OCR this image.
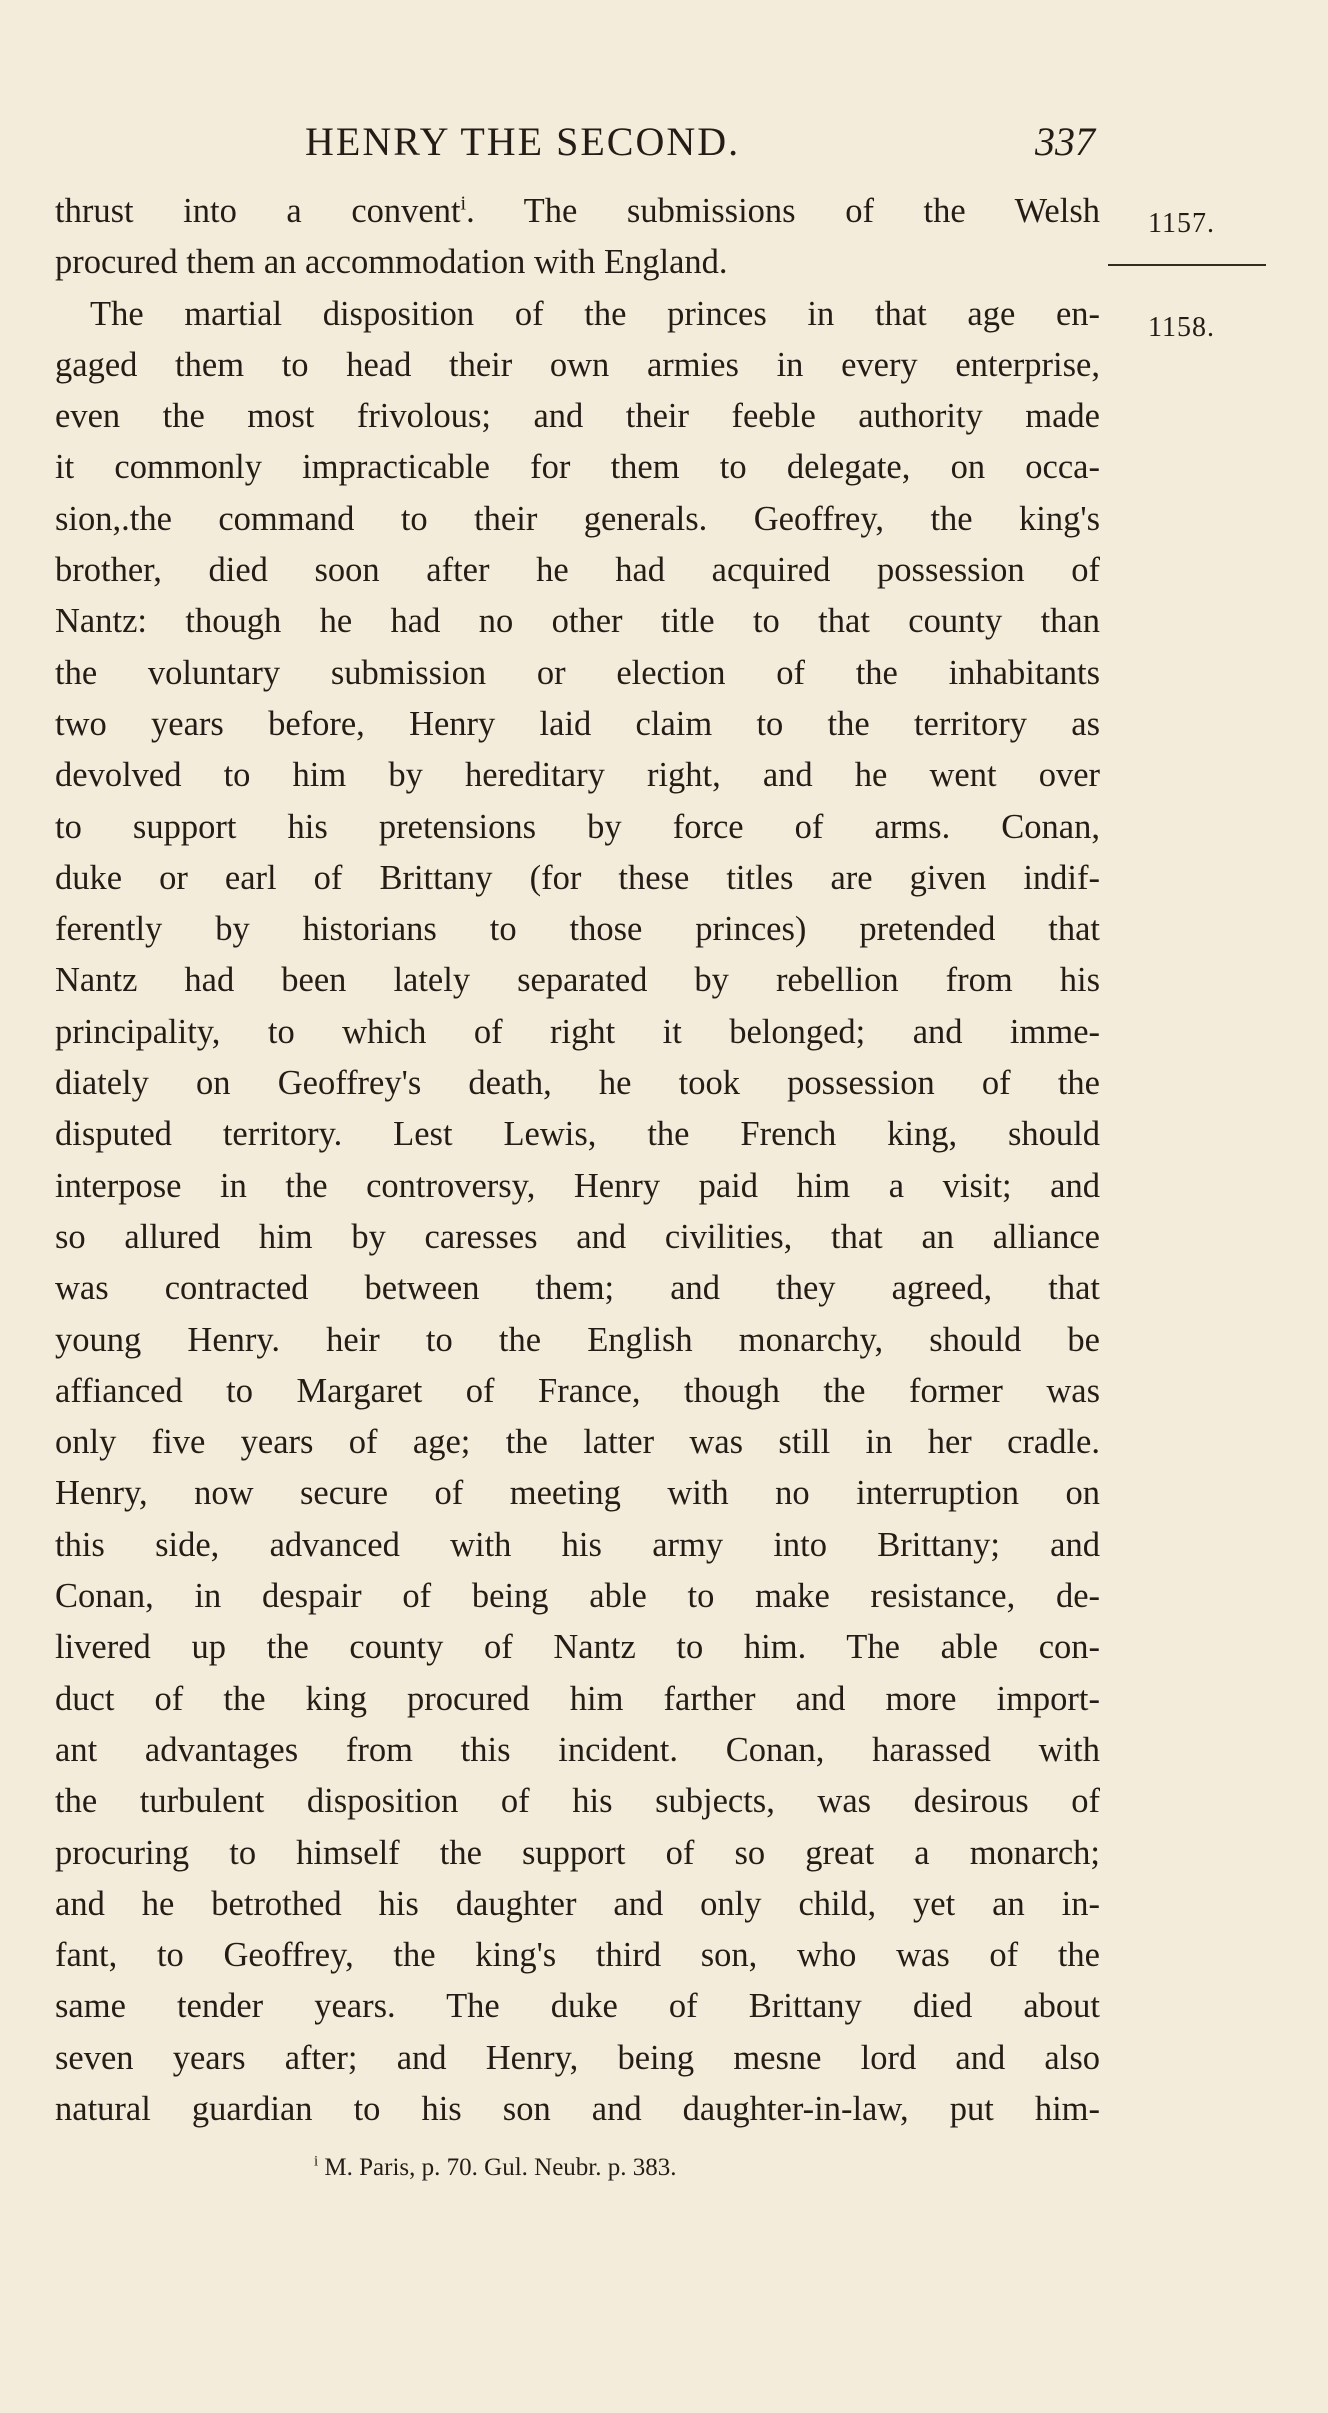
HENRY THE SECOND.	337
1157.
1158.
thrust into a convent$^i$. The submissions of the Welsh
procured them an accommodation with England.
The martial disposition of the princes in that age en-
gaged them to head their own armies in every enterprise,
even the most frivolous; and their feeble authority made
it commonly impracticable for them to delegate, on occa-
sion,.the command to their generals. Geoffrey, the king's
brother, died soon after he had acquired possession of
Nantz: though he had no other title to that county than
the voluntary submission or election of the inhabitants
two years before, Henry laid claim to the territory as
devolved to him by hereditary right, and he went over
to support his pretensions by force of arms. Conan,
duke or earl of Brittany (for these titles are given indif-
ferently by historians to those princes) pretended that
Nantz had been lately separated by rebellion from his
principality, to which of right it belonged; and imme-
diately on Geoffrey's death, he took possession of the
disputed territory. Lest Lewis, the French king, should
interpose in the controversy, Henry paid him a visit; and
so allured him by caresses and civilities, that an alliance
was contracted between them; and they agreed, that
young Henry. heir to the English monarchy, should be
affianced to Margaret of France, though the former was
only five years of age; the latter was still in her cradle.
Henry, now secure of meeting with no interruption on
this side, advanced with his army into Brittany; and
Conan, in despair of being able to make resistance, de-
livered up the county of Nantz to him. The able con-
duct of the king procured him farther and more import-
ant advantages from this incident. Conan, harassed with
the turbulent disposition of his subjects, was desirous of
procuring to himself the support of so great a monarch;
and he betrothed his daughter and only child, yet an in-
fant, to Geoffrey, the king's third son, who was of the
same tender years. The duke of Brittany died about
seven years after; and Henry, being mesne lord and also
natural guardian to his son and daughter-in-law, put him-
$^i$ M. Paris, p. 70. Gul. Neubr. p. 383.
